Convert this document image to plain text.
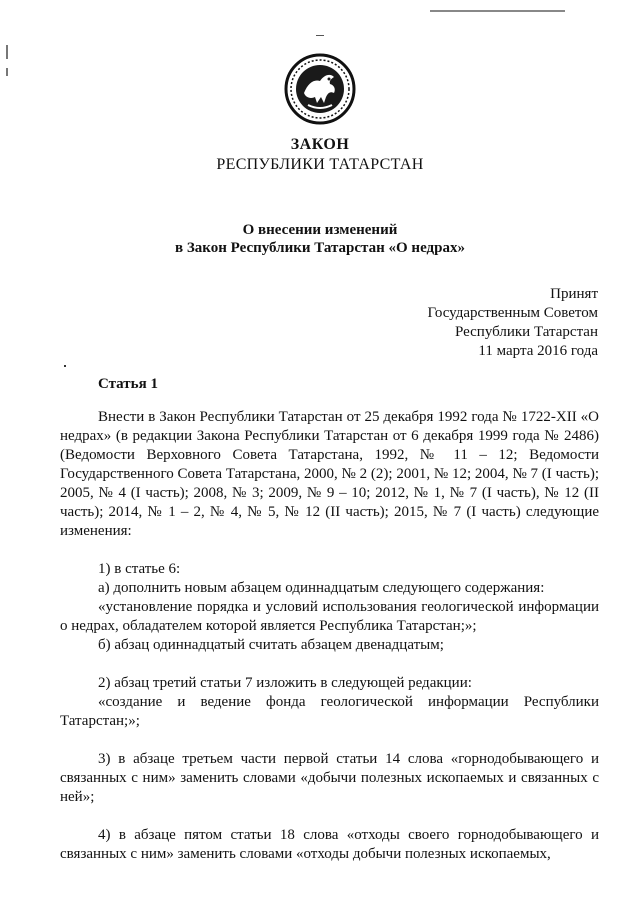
ЗАКОН
РЕСПУБЛИКИ ТАТАРСТАН
О внесении изменений
в Закон Республики Татарстан «О недрах»
Принят
Государственным Советом
Республики Татарстан
11 марта 2016 года
Статья 1

Внести в Закон Республики Татарстан от 25 декабря 1992 года № 1722-XII «О недрах» (в редакции Закона Республики Татарстан от 6 декабря 1999 года № 2486) (Ведомости Верховного Совета Татарстана, 1992, № 11 – 12; Ведомости Государственного Совета Татарстана, 2000, № 2 (2); 2001, № 12; 2004, № 7 (I часть); 2005, № 4 (I часть); 2008, № 3; 2009, № 9 – 10; 2012, № 1, № 7 (I часть), № 12 (II часть); 2014, № 1 – 2, № 4, № 5, № 12 (II часть); 2015, № 7 (I часть) следующие изменения:

1) в статье 6:

а) дополнить новым абзацем одиннадцатым следующего содержания:

«установление порядка и условий использования геологической информации о недрах, обладателем которой является Республика Татарстан;»;

б) абзац одиннадцатый считать абзацем двенадцатым;

2) абзац третий статьи 7 изложить в следующей редакции:

«создание и ведение фонда геологической информации Республики Татарстан;»;

3) в абзаце третьем части первой статьи 14 слова «горнодобывающего и связанных с ним» заменить словами «добычи полезных ископаемых и связанных с ней»;

4) в абзаце пятом статьи 18 слова «отходы своего горнодобывающего и связанных с ним» заменить словами «отходы добычи полезных ископаемых,
